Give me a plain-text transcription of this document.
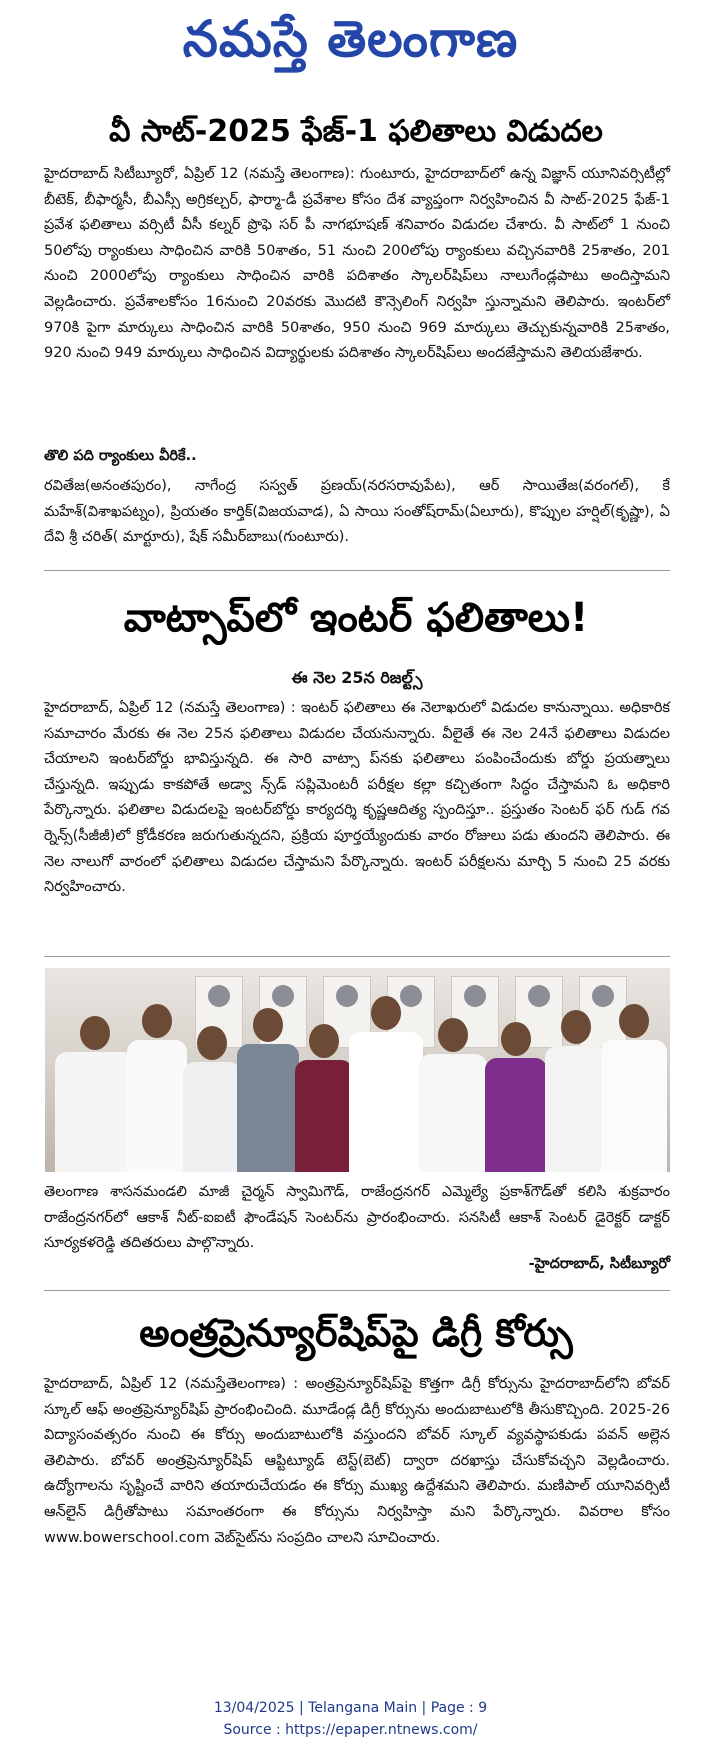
నమస్తే తెలంగాణ
వీ సాట్-2025 ఫేజ్-1 ఫలితాలు విడుదల

హైదరాబాద్ సిటీబ్యూరో, ఏప్రిల్ 12 (నమస్తే తెలంగాణ): గుంటూరు, హైదరాబాద్‌లో ఉన్న విజ్ఞాన్ యూనివర్సిటీల్లో బీటెక్, బీఫార్మసీ, బీఎస్సీ అగ్రికల్చర్, ఫార్మా-డీ ప్రవేశాల కోసం దేశ వ్యాప్తంగా నిర్వహించిన వీ సాట్-2025 ఫేజ్-1 ప్రవేశ ఫలితాలు వర్సిటీ వీసీ కల్నర్ ప్రొఫె సర్ పీ నాగభూషణ్ శనివారం విడుదల చేశారు. వీ సాట్‌లో 1 నుంచి 50లోపు ర్యాంకులు సాధించిన వారికి 50శాతం, 51 నుంచి 200లోపు ర్యాంకులు వచ్చినవారికి 25శాతం, 201 నుంచి 2000లోపు ర్యాంకులు సాధించిన వారికి పదిశాతం స్కాలర్‌షిప్‌లు నాలుగేండ్లపాటు అందిస్తామని వెల్లడించారు. ప్రవేశాలకోసం 16నుంచి 20వరకు మొదటి కౌన్సెలింగ్ నిర్వహి స్తున్నామని తెలిపారు. ఇంటర్‌లో 970కి పైగా మార్కులు సాధించిన వారికి 50శాతం, 950 నుంచి 969 మార్కులు తెచ్చుకున్నవారికి 25శాతం, 920 నుంచి 949 మార్కులు సాధించిన విద్యార్థులకు పదిశాతం స్కాలర్‌షిప్‌లు అందజేస్తామని తెలియజేశారు.

తొలి పది ర్యాంకులు వీరికే..

రవితేజ(అనంతపురం), నాగేంద్ర సస్వత్ ప్రణయ్(నరసరావుపేట), ఆర్ సాయితేజ(వరంగల్), కే మహేశ్(విశాఖపట్నం), ప్రియతం కార్తిక్(విజయవాడ), ఏ సాయి సంతోష్‌రామ్(ఏలూరు), కొప్పుల హర్షిల్(కృష్ణా), ఏ దేవి శ్రీ చరిత్( మార్టూరు), షేక్ సమీర్‌బాబు(గుంటూరు).

వాట్సాప్‌లో ఇంటర్ ఫలితాలు!
ఈ నెల 25న రిజల్ట్స్

హైదరాబాద్, ఏప్రిల్ 12 (నమస్తే తెలంగాణ) : ఇంటర్ ఫలితాలు ఈ నెలాఖరులో విడుదల కానున్నాయి. అధికారిక సమాచారం మేరకు ఈ నెల 25న ఫలితాలు విడుదల చేయనున్నారు. వీలైతే ఈ నెల 24నే ఫలితాలు విడుదల చేయాలని ఇంటర్‌బోర్డు భావిస్తున్నది. ఈ సారి వాట్సా ప్‌నకు ఫలితాలు పంపించేందుకు బోర్డు ప్రయత్నాలు చేస్తున్నది. ఇప్పుడు కాకపోతే అడ్వా న్స్‌డ్ సప్లిమెంటరీ పరీక్షల కల్లా కచ్చితంగా సిద్ధం చేస్తామని ఓ అధికారి పేర్కొన్నారు. ఫలితాల విడుదలపై ఇంటర్‌బోర్డు కార్యదర్శి కృష్ణఆదిత్య స్పందిస్తూ.. ప్రస్తుతం సెంటర్ ఫర్ గుడ్ గవ ర్నెన్స్(సీజీజీ)లో క్రోడీకరణ జరుగుతున్నదని, ప్రక్రియ పూర్తయ్యేందుకు వారం రోజులు పడు తుందని తెలిపారు. ఈ నెల నాలుగో వారంలో ఫలితాలు విడుదల చేస్తామని పేర్కొన్నారు. ఇంటర్ పరీక్షలను మార్చి 5 నుంచి 25 వరకు నిర్వహించారు.

తెలంగాణ శాసనమండలి మాజీ చైర్మన్ స్వామిగౌడ్, రాజేంద్రనగర్ ఎమ్మెల్యే ప్రకాశ్‌గౌడ్‌తో కలిసి శుక్రవారం రాజేంద్రనగర్‌లో ఆకాశ్ నీట్-ఐఐటీ ఫౌండేషన్ సెంటర్‌ను ప్రారంభించారు. సనసిటీ ఆకాశ్ సెంటర్ డైరెక్టర్ డాక్టర్ సూర్యకళరెడ్డి తదితరులు పాల్గొన్నారు.

-హైదరాబాద్, సిటీబ్యూరో
అంత్రప్రెన్యూర్‌షిప్‌పై డిగ్రీ కోర్సు

హైదరాబాద్, ఏప్రిల్ 12 (నమస్తేతెలంగాణ) : అంత్రప్రెన్యూర్‌షిప్‌పై కొత్తగా డిగ్రీ కోర్సును హైదరాబాద్‌లోని బోవర్ స్కూల్ ఆఫ్ అంత్రప్రెన్యూర్‌షిప్ ప్రారంభించింది. మూడేండ్ల డిగ్రీ కోర్సును అందుబాటులోకి తీసుకొచ్చింది. 2025-26 విద్యాసంవత్సరం నుంచి ఈ కోర్సు అందుబాటులోకి వస్తుందని బోవర్ స్కూల్ వ్యవస్థాపకుడు పవన్ అల్లెన తెలిపారు. బోవర్ అంత్రప్రెన్యూర్‌షిప్ ఆప్టిట్యూడ్ టెస్ట్(బెట్) ద్వారా దరఖాస్తు చేసుకోవచ్చని వెల్లడించారు. ఉద్యోగాలను సృష్టించే వారిని తయారుచేయడం ఈ కోర్సు ముఖ్య ఉద్దేశమని తెలిపారు. మణిపాల్ యూనివర్సిటీ ఆన్‌లైన్ డిగ్రీతోపాటు సమాంతరంగా ఈ కోర్సును నిర్వహిస్తా మని పేర్కొన్నారు. వివరాల కోసం www.bowerschool.com వెబ్‌సైట్‌ను సంప్రదిం చాలని సూచించారు.

13/04/2025 | Telangana Main | Page : 9
Source : https://epaper.ntnews.com/
